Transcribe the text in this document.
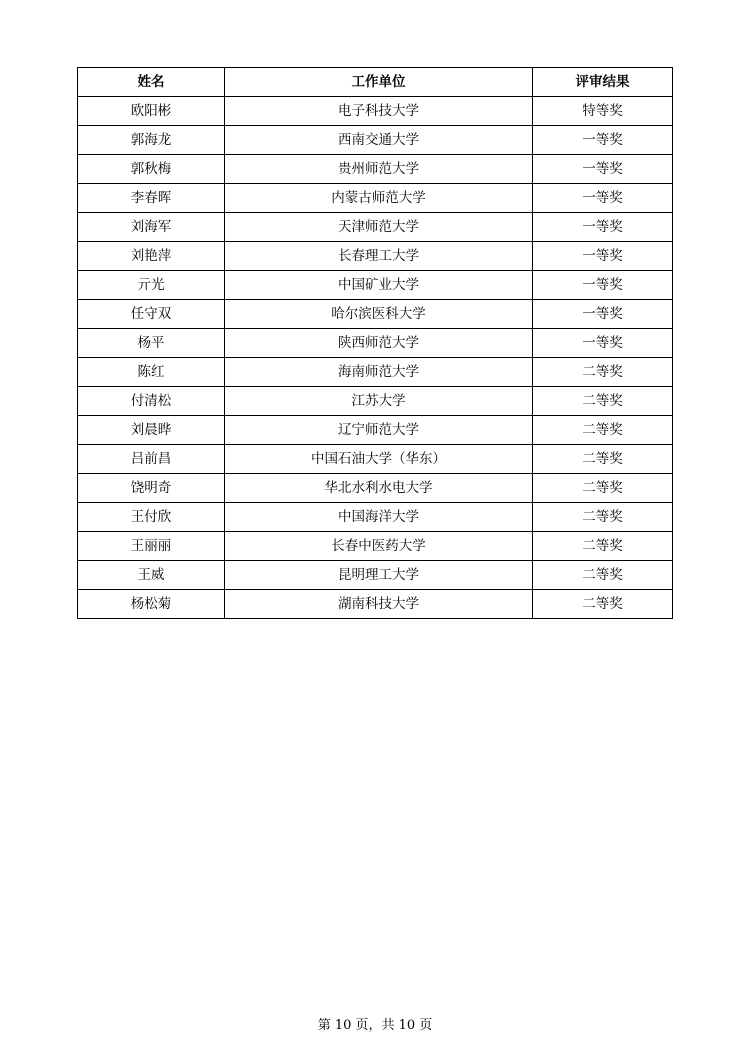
姓名	工作单位	评审结果
欧阳彬	电子科技大学	特等奖
郭海龙	西南交通大学	一等奖
郭秋梅	贵州师范大学	一等奖
李春晖	内蒙古师范大学	一等奖
刘海军	天津师范大学	一等奖
刘艳萍	长春理工大学	一等奖
亓光	中国矿业大学	一等奖
任守双	哈尔滨医科大学	一等奖
杨平	陕西师范大学	一等奖
陈红	海南师范大学	二等奖
付清松	江苏大学	二等奖
刘晨晔	辽宁师范大学	二等奖
吕前昌	中国石油大学（华东）	二等奖
饶明奇	华北水利水电大学	二等奖
王付欣	中国海洋大学	二等奖
王丽丽	长春中医药大学	二等奖
王威	昆明理工大学	二等奖
杨松菊	湖南科技大学	二等奖
第 10 页，共 10 页
